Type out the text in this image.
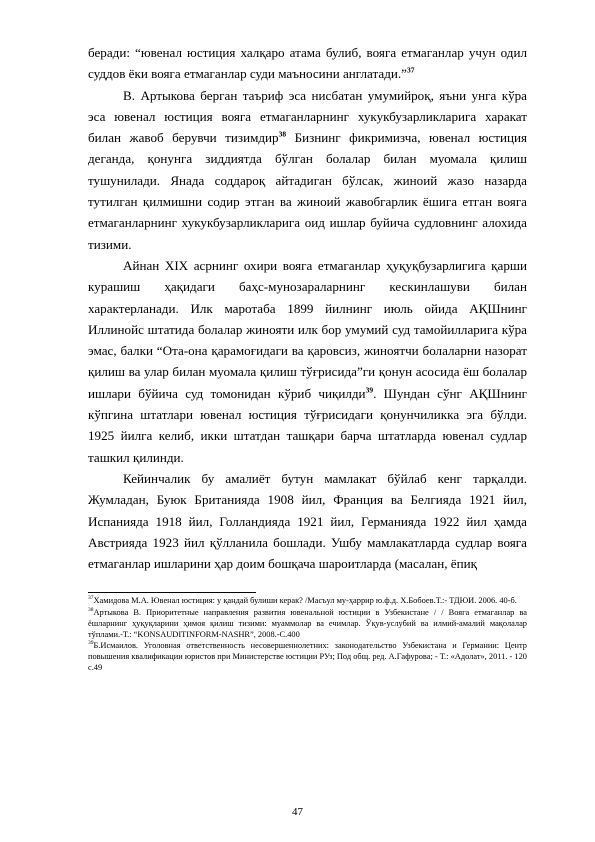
беради: “ювенал юстиция халқаро атама булиб, вояга етмаганлар учун одил суддов ёки вояга етмаганлар суди маъносини англатади.”$^{37}$

В. Артыкова берган таъриф эса нисбатан умумийроқ, яъни унга кўра эса ювенал юстиция вояга етмаганларнинг хукукбузарликларига харакат билан жавоб берувчи тизимдир$^{38}$ Бизнинг фикримизча, ювенал юстиция деганда, қонунга зиддиятда бўлган болалар билан муомала қилиш тушунилади. Янада соддароқ айтадиган бўлсак, жиноий жазо назарда тутилган қилмишни содир этган ва жиноий жавобгарлик ёшига етган вояга етмаганларнинг хукукбузарликларига оид ишлар буйича судловнинг алохида тизими.

Айнан XIX асрнинг охири вояга етмаганлар ҳуқуқбузарлигига қарши курашиш ҳақидаги баҳс-мунозараларнинг кескинлашуви билан характерланади. Илк маротаба 1899 йилнинг июль ойида АҚШнинг Иллинойс штатида болалар жинояти илк бор умумий суд тамойилларига кўра эмас, балки “Ота-она қарамоғидаги ва қаровсиз, жиноятчи болаларни назорат қилиш ва улар билан муомала қилиш тўғрисида”ги қонун асосида ёш болалар ишлари бўйича суд томонидан кўриб чиқилди$^{39}$. Шундан сўнг АҚШнинг кўпгина штатлари ювенал юстиция тўғрисидаги қонунчиликка эга бўлди. 1925 йилга келиб, икки штатдан ташқари барча штатларда ювенал судлар ташкил қилинди.

Кейинчалик бу амалиёт бутун мамлакат бўйлаб кенг тарқалди. Жумладан, Буюк Британияда 1908 йил, Франция ва Белгияда 1921 йил, Испанияда 1918 йил, Голландияда 1921 йил, Германияда 1922 йил ҳамда Австрияда 1923 йил қўлланила бошлади. Ушбу мамлакатларда судлар вояга етмаганлар ишларини ҳар доим бошқача шароитларда (масалан, ёпиқ

$^{37}$Хамидова М.А. Ювенал юстиция: у қандай булиши керак? /Масъул му-ҳаррир ю.ф.д. Х.Бобоев.Т.:- ТДЮИ. 2006. 40-б.

$^{38}$Артыкова В. Приоритетные направления развития ювенальной юстиции в Узбекистане / / Вояга етмаганлар ва ёшларнинг ҳуқуқларини ҳимоя қилиш тизими: муаммолар ва ечимлар. Ўқув-услубий ва илмий-амалий мақолалар тўплами.-Т.: “KONSAUDITINFORM-NASHR”, 2008.-С.400

$^{39}$Б.Исмаилов. Уголовная ответственность несовершеннолетних: законодательство Узбекистана и Германии: Центр повышения квалификации юристов при Министерстве юстиции РУз; Под общ. ред. А.Гафурова; - Т.: «Адолат», 2011. - 120 с.49

47
